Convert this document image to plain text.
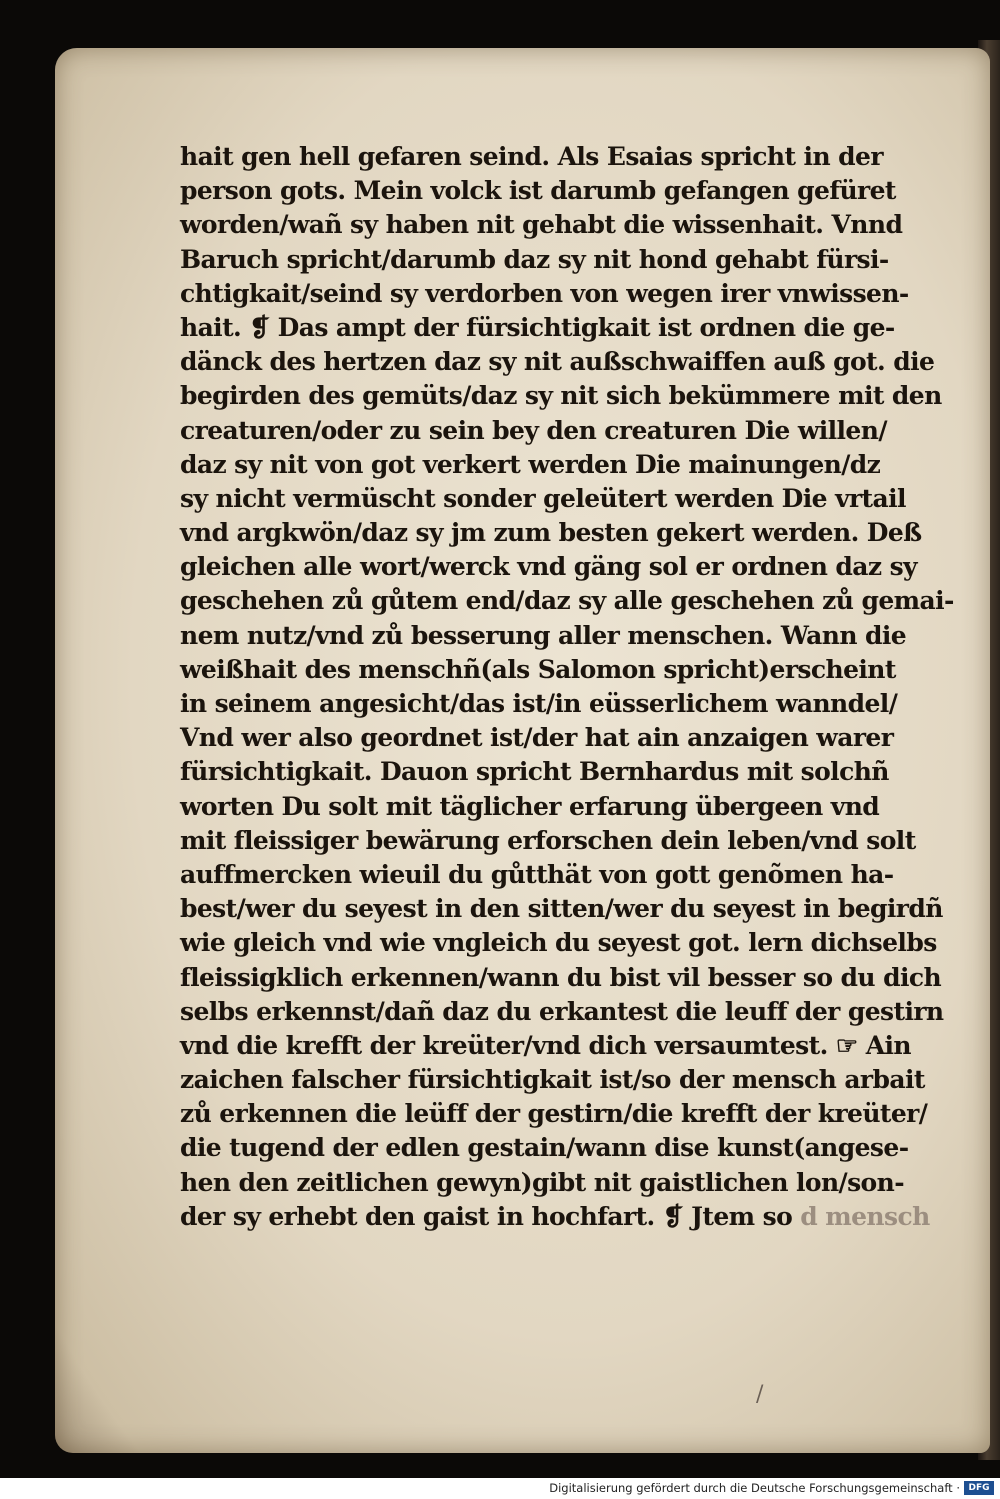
hait gen hell gefaren seind. Als Esaias spricht in der
person gots. Mein volck ist darumb gefangen gefüret
worden/wañ sy haben nit gehabt die wissenhait. Vnnd
Baruch spricht/darumb daz sy nit hond gehabt fürsi-
chtigkait/seind sy verdorben von wegen irer vnwissen-
hait. ❡ Das ampt der fürsichtigkait ist ordnen die ge-
dänck des hertzen daz sy nit außschwaiffen auß got. die
begirden des gemüts/daz sy nit sich bekümmere mit den
creaturen/oder zu sein bey den creaturen Die willen/
daz sy nit von got verkert werden Die mainungen/dz
sy nicht vermüscht sonder geleütert werden Die vrtail
vnd argkwön/daz sy jm zum besten gekert werden. Deß
gleichen alle wort/werck vnd gäng sol er ordnen daz sy
geschehen zů gůtem end/daz sy alle geschehen zů gemai-
nem nutz/vnd zů besserung aller menschen. Wann die
weißhait des menschñ(als Salomon spricht)erscheint
in seinem angesicht/das ist/in eüsserlichem wanndel/
Vnd wer also geordnet ist/der hat ain anzaigen warer
fürsichtigkait. Dauon spricht Bernhardus mit solchñ
worten Du solt mit täglicher erfarung übergeen vnd
mit fleissiger bewärung erforschen dein leben/vnd solt
auffmercken wieuil du gůtthät von gott genõmen ha-
best/wer du seyest in den sitten/wer du seyest in begirdñ
wie gleich vnd wie vngleich du seyest got. lern dichselbs
fleissigklich erkennen/wann du bist vil besser so du dich
selbs erkennst/dañ daz du erkantest die leuff der gestirn
vnd die krefft der kreüter/vnd dich versaumtest. ☞ Ain
zaichen falscher fürsichtigkait ist/so der mensch arbait
zů erkennen die leüff der gestirn/die krefft der kreüter/
die tugend der edlen gestain/wann dise kunst(angese-
hen den zeitlichen gewyn)gibt nit gaistlichen lon/son-
der sy erhebt den gaist in hochfart. ❡ Jtem so d mensch
/
Digitalisierung gefördert durch die Deutsche Forschungsgemeinschaft · DFG
